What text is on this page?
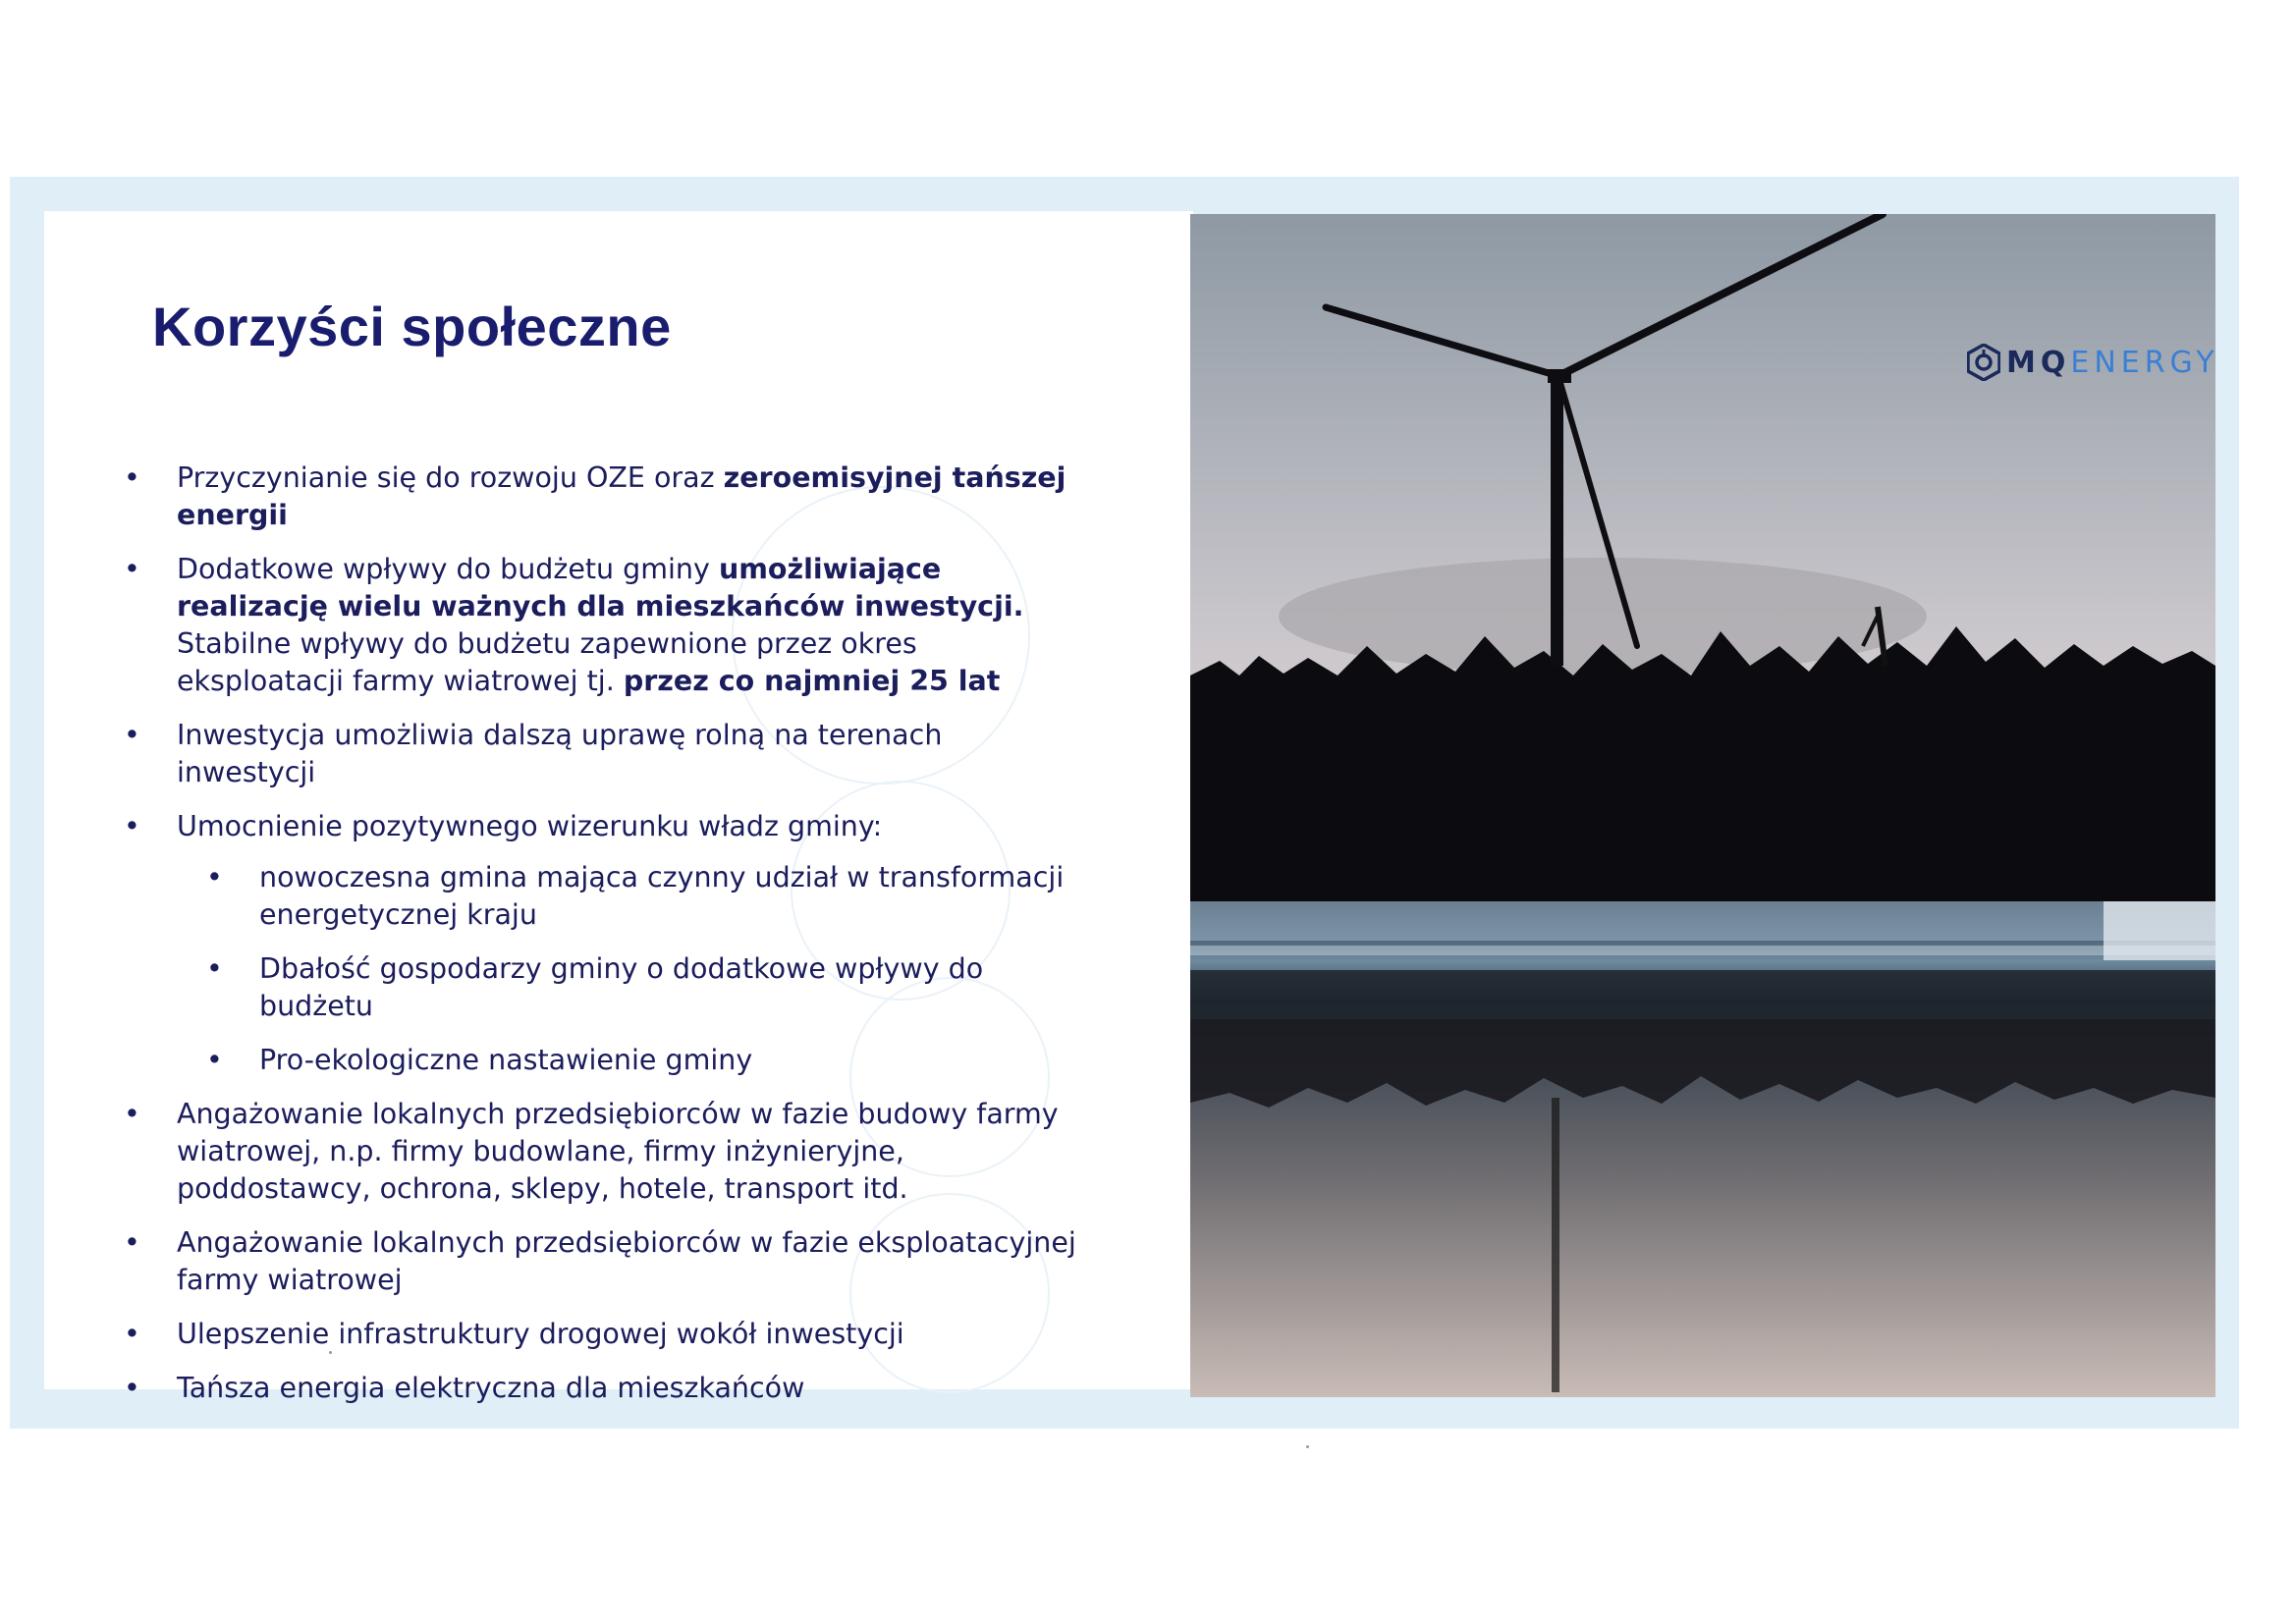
MQENERGY
Korzyści społeczne
• Przyczynianie się do rozwoju OZE oraz zeroemisyjnej tańszej energii
• Dodatkowe wpływy do budżetu gminy umożliwiające realizację wielu ważnych dla mieszkańców inwestycji. Stabilne wpływy do budżetu zapewnione przez okres eksploatacji farmy wiatrowej tj. przez co najmniej 25 lat
• Inwestycja umożliwia dalszą uprawę rolną na terenach inwestycji
• Umocnienie pozytywnego wizerunku władz gminy:
• nowoczesna gmina mająca czynny udział w transformacji energetycznej kraju
• Dbałość gospodarzy gminy o dodatkowe wpływy do budżetu
• Pro-ekologiczne nastawienie gminy
• Angażowanie lokalnych przedsiębiorców w fazie budowy farmy wiatrowej, n.p. firmy budowlane, firmy inżynieryjne, poddostawcy, ochrona, sklepy, hotele, transport itd.
• Angażowanie lokalnych przedsiębiorców w fazie eksploatacyjnej farmy wiatrowej
• Ulepszenie infrastruktury drogowej wokół inwestycji
• Tańsza energia elektryczna dla mieszkańców
